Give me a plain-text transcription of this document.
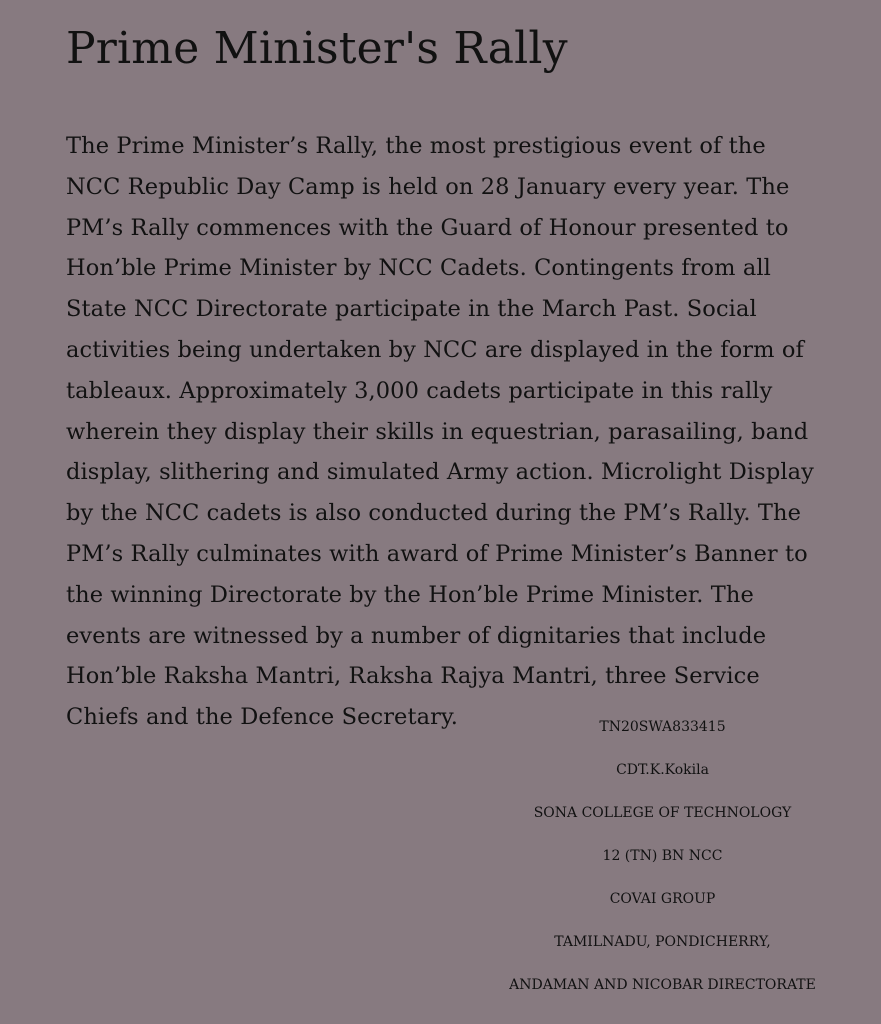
Prime Minister's Rally

The Prime Minister’s Rally, the most prestigious event of the NCC Republic Day Camp is held on 28 January every year. The PM’s Rally commences with the Guard of Honour presented to Hon’ble Prime Minister by NCC Cadets. Contingents from all State NCC Directorate participate in the March Past. Social activities being undertaken by NCC are displayed in the form of tableaux. Approximately 3,000 cadets participate in this rally wherein they display their skills in equestrian, parasailing, band display, slithering and simulated Army action. Microlight Display by the NCC cadets is also conducted during the PM’s Rally. The PM’s Rally culminates with award of Prime Minister’s Banner to the winning Directorate by the Hon’ble Prime Minister. The events are witnessed by a number of dignitaries that include Hon’ble Raksha Mantri, Raksha Rajya Mantri, three Service Chiefs and the Defence Secretary.	TN20SWA833415
CDT.K.Kokila
SONA COLLEGE OF TECHNOLOGY
12 (TN) BN NCC
COVAI GROUP
TAMILNADU, PONDICHERRY,
ANDAMAN AND NICOBAR DIRECTORATE
